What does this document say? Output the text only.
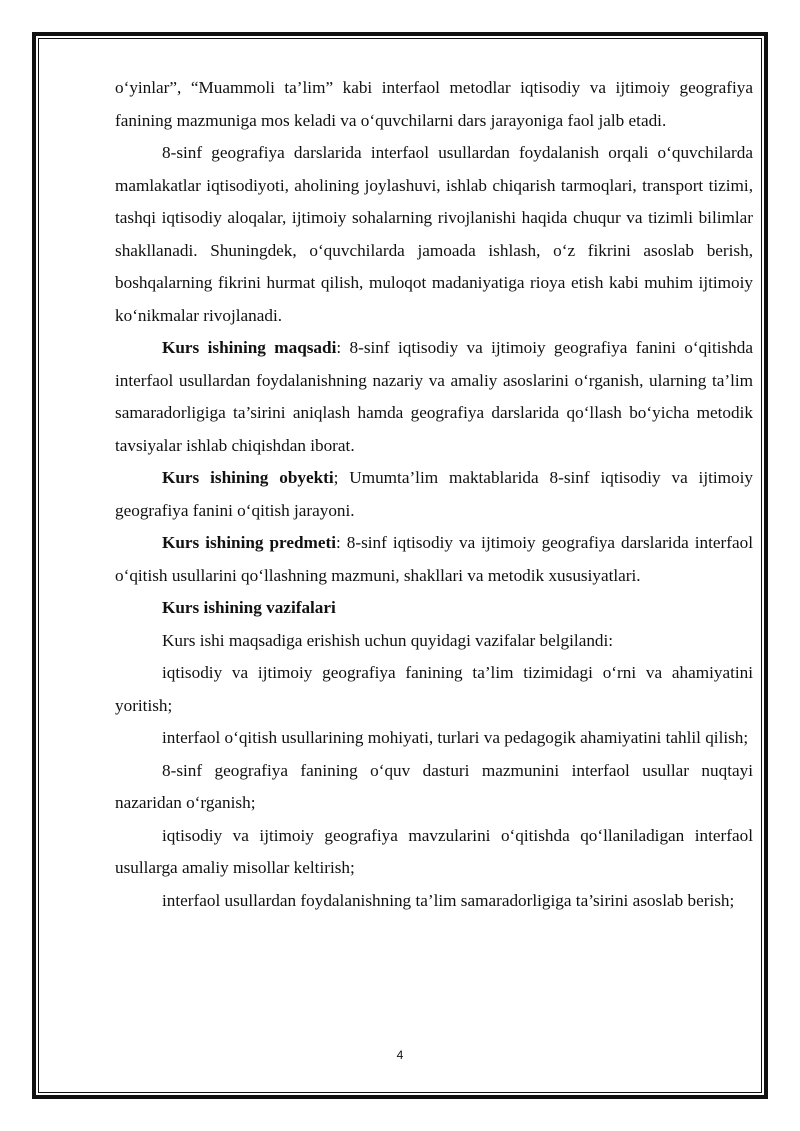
o‘yinlar”, “Muammoli ta’lim” kabi interfaol metodlar iqtisodiy va ijtimoiy geografiya fanining mazmuniga mos keladi va o‘quvchilarni dars jarayoniga faol jalb etadi.

8-sinf geografiya darslarida interfaol usullardan foydalanish orqali o‘quvchilarda mamlakatlar iqtisodiyoti, aholining joylashuvi, ishlab chiqarish tarmoqlari, transport tizimi, tashqi iqtisodiy aloqalar, ijtimoiy sohalarning rivojlanishi haqida chuqur va tizimli bilimlar shakllanadi. Shuningdek, o‘quvchilarda jamoada ishlash, o‘z fikrini asoslab berish, boshqalarning fikrini hurmat qilish, muloqot madaniyatiga rioya etish kabi muhim ijtimoiy ko‘nikmalar rivojlanadi.

Kurs ishining maqsadi: 8-sinf iqtisodiy va ijtimoiy geografiya fanini o‘qitishda interfaol usullardan foydalanishning nazariy va amaliy asoslarini o‘rganish, ularning ta’lim samaradorligiga ta’sirini aniqlash hamda geografiya darslarida qo‘llash bo‘yicha metodik tavsiyalar ishlab chiqishdan iborat.

Kurs ishining obyekti; Umumta’lim maktablarida 8-sinf iqtisodiy va ijtimoiy geografiya fanini o‘qitish jarayoni.

Kurs ishining predmeti: 8-sinf iqtisodiy va ijtimoiy geografiya darslarida interfaol o‘qitish usullarini qo‘llashning mazmuni, shakllari va metodik xususiyatlari.

Kurs ishining vazifalari

Kurs ishi maqsadiga erishish uchun quyidagi vazifalar belgilandi:

iqtisodiy va ijtimoiy geografiya fanining ta’lim tizimidagi o‘rni va ahamiyatini yoritish;

interfaol o‘qitish usullarining mohiyati, turlari va pedagogik ahamiyatini tahlil qilish;

8-sinf geografiya fanining o‘quv dasturi mazmunini interfaol usullar nuqtayi nazaridan o‘rganish;

iqtisodiy va ijtimoiy geografiya mavzularini o‘qitishda qo‘llaniladigan interfaol usullarga amaliy misollar keltirish;

interfaol usullardan foydalanishning ta’lim samaradorligiga ta’sirini asoslab berish;

4
